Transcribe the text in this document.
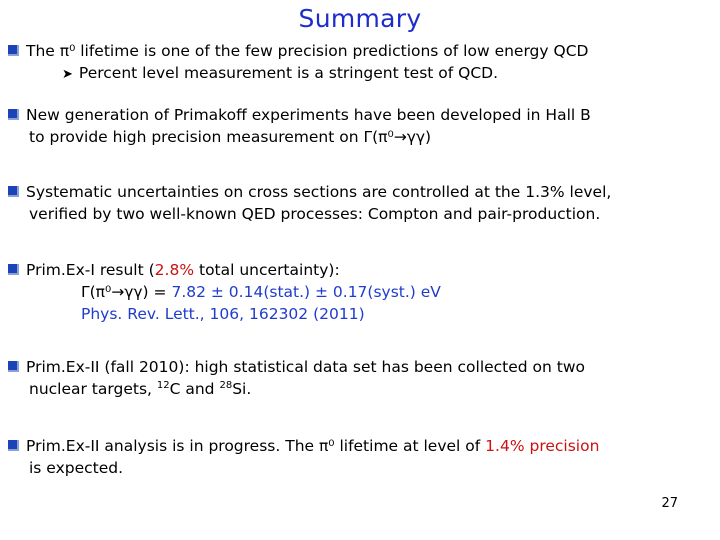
Summary
The π⁰ lifetime is one of the few precision predictions of low energy QCD
➤ Percent level measurement is a stringent test of QCD.
New generation of Primakoff experiments have been developed in Hall B
to provide high precision measurement on Γ(π⁰→γγ)
Systematic uncertainties on cross sections are controlled at the 1.3% level,
verified by two well-known QED processes: Compton and pair-production.
Prim.Ex-I result (2.8% total uncertainty):
Γ(π⁰→γγ) = 7.82 ± 0.14(stat.) ± 0.17(syst.) eV
Phys. Rev. Lett., 106, 162302 (2011)
Prim.Ex-II (fall 2010): high statistical data set has been collected on two
nuclear targets, $^{12}$C and $^{28}$Si.
Prim.Ex-II analysis is in progress. The π⁰ lifetime at level of 1.4% precision
is expected.
27
